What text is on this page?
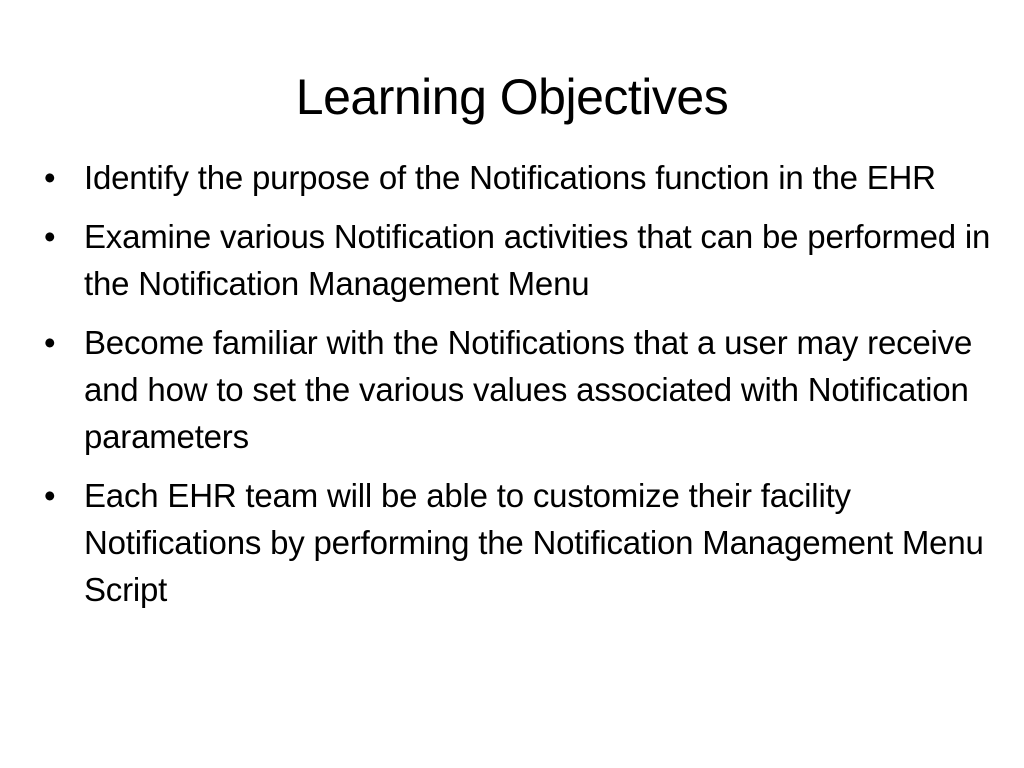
Learning Objectives
• Identify the purpose of the Notifications function in the EHR
• Examine various Notification activities that can be performed in the Notification Management Menu
• Become familiar with the Notifications that a user may receive and how to set the various values associated with Notification parameters
• Each EHR team will be able to customize their facility Notifications by performing the Notification Management Menu Script
